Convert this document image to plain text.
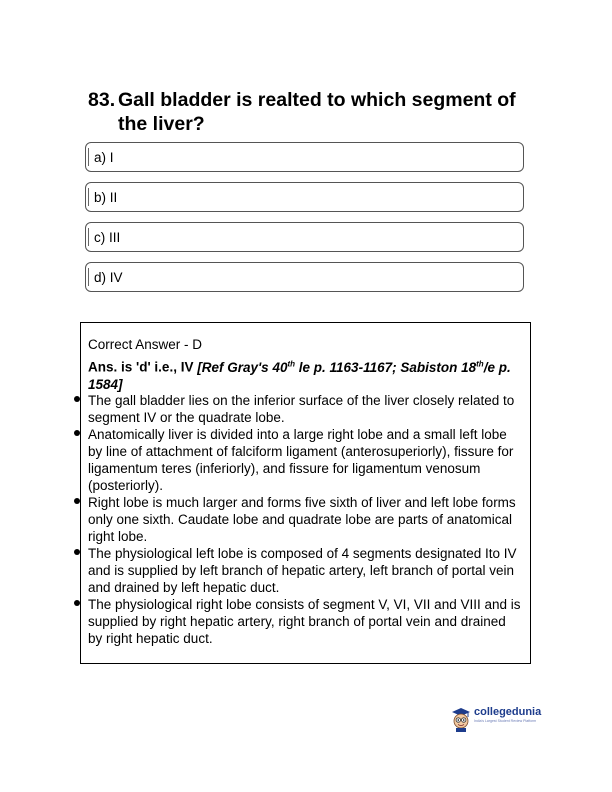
83. Gall bladder is realted to which segment of the liver?
a) I
b) II
c) III
d) IV
Correct Answer - D
Ans. is 'd' i.e., IV [Ref Gray's 40th le p. 1163-1167; Sabiston 18th/e p. 1584]
The gall bladder lies on the inferior surface of the liver closely related to segment IV or the quadrate lobe.
Anatomically liver is divided into a large right lobe and a small left lobe by line of attachment of falciform ligament (anterosuperiorly), fissure for ligamentum teres (inferiorly), and fissure for ligamentum venosum (posteriorly).
Right lobe is much larger and forms five sixth of liver and left lobe forms only one sixth. Caudate lobe and quadrate lobe are parts of anatomical right lobe.
The physiological left lobe is composed of 4 segments designated Ito IV and is supplied by left branch of hepatic artery, left branch of portal vein and drained by left hepatic duct.
The physiological right lobe consists of segment V, VI, VII and VIII and is supplied by right hepatic artery, right branch of portal vein and drained by right hepatic duct.
collegedunia
India's Largest Student Review Platform
